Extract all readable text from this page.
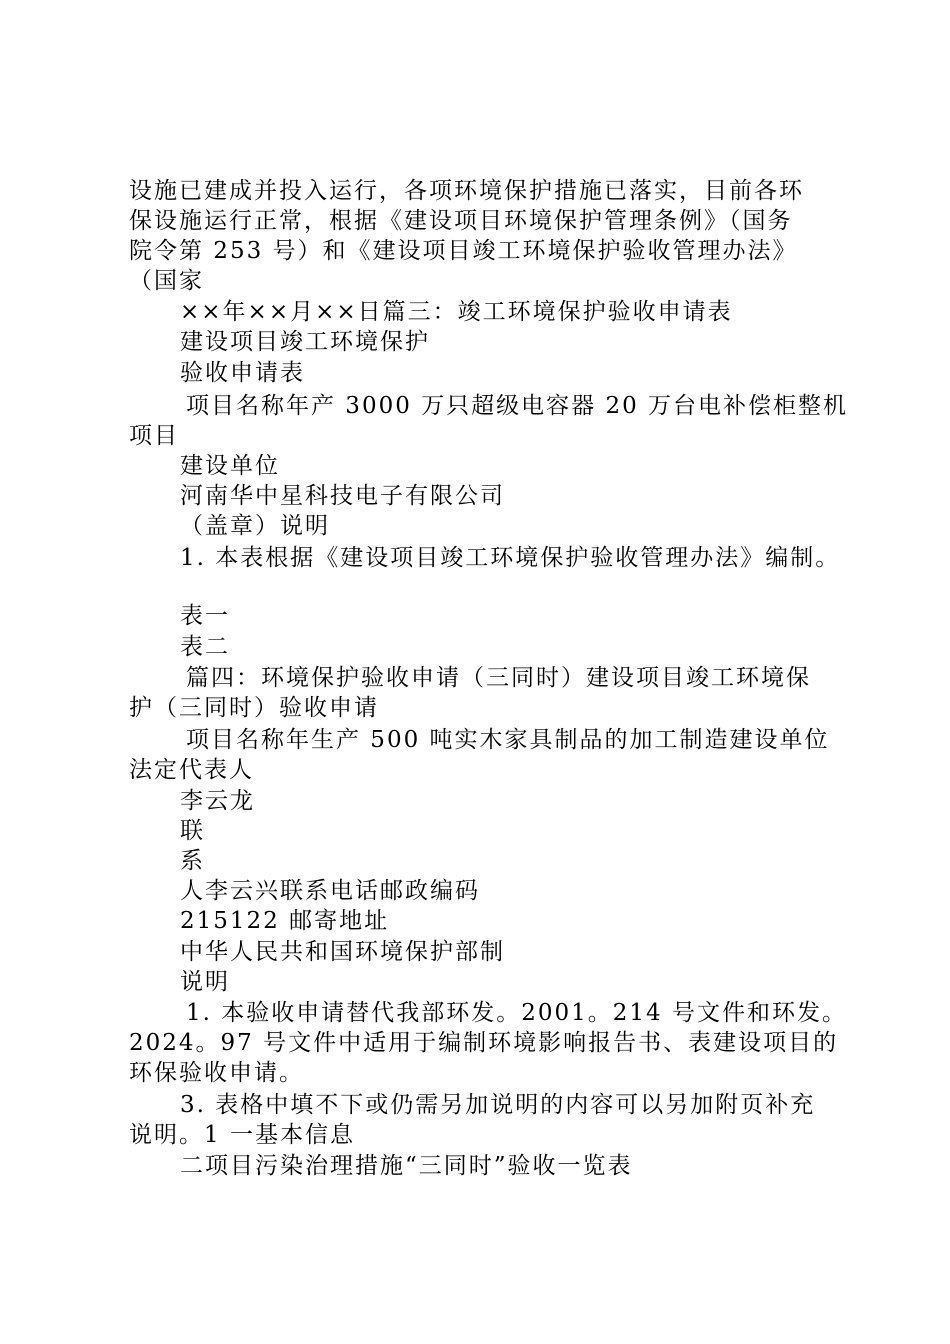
设施已建成并投入运行，各项环境保护措施已落实，目前各环
保设施运行正常，根据《建设项目环境保护管理条例》（国务
院令第 253 号）和《建设项目竣工环境保护验收管理办法》
（国家
××年××月××日篇三：竣工环境保护验收申请表
建设项目竣工环境保护
验收申请表
项目名称年产 3000 万只超级电容器 20 万台电补偿柜整机
项目
建设单位
河南华中星科技电子有限公司
（盖章）说明
1. 本表根据《建设项目竣工环境保护验收管理办法》编制。
表一
表二
篇四：环境保护验收申请（三同时）建设项目竣工环境保
护（三同时）验收申请
项目名称年生产 500 吨实木家具制品的加工制造建设单位
法定代表人
李云龙
联
系
人李云兴联系电话邮政编码
215122 邮寄地址
中华人民共和国环境保护部制
说明
1. 本验收申请替代我部环发。2001。214 号文件和环发。
2024。97 号文件中适用于编制环境影响报告书、表建设项目的
环保验收申请。
3. 表格中填不下或仍需另加说明的内容可以另加附页补充
说明。1 一基本信息
二项目污染治理措施“三同时”验收一览表
